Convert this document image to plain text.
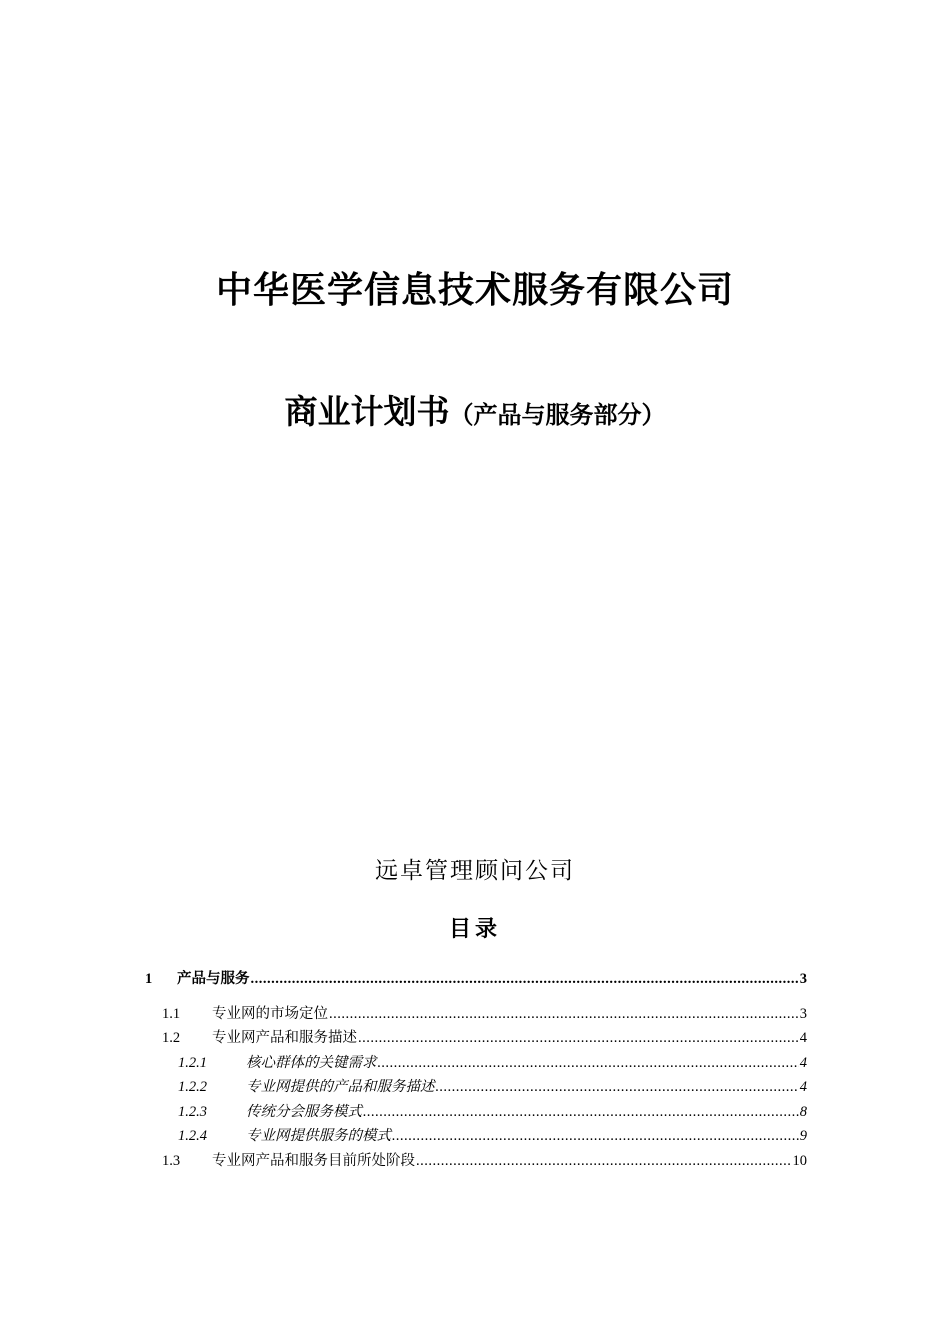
中华医学信息技术服务有限公司
商业计划书（产品与服务部分）
远卓管理顾问公司
目录
1	产品与服务 .....	3
1.1	专业网的市场定位 .....	3
1.2	专业网产品和服务描述 .....	4
1.2.1	核心群体的关键需求 .....	4
1.2.2	专业网提供的产品和服务描述 .....	4
1.2.3	传统分会服务模式 .....	8
1.2.4	专业网提供服务的模式 .....	9
1.3	专业网产品和服务目前所处阶段 .....	10
